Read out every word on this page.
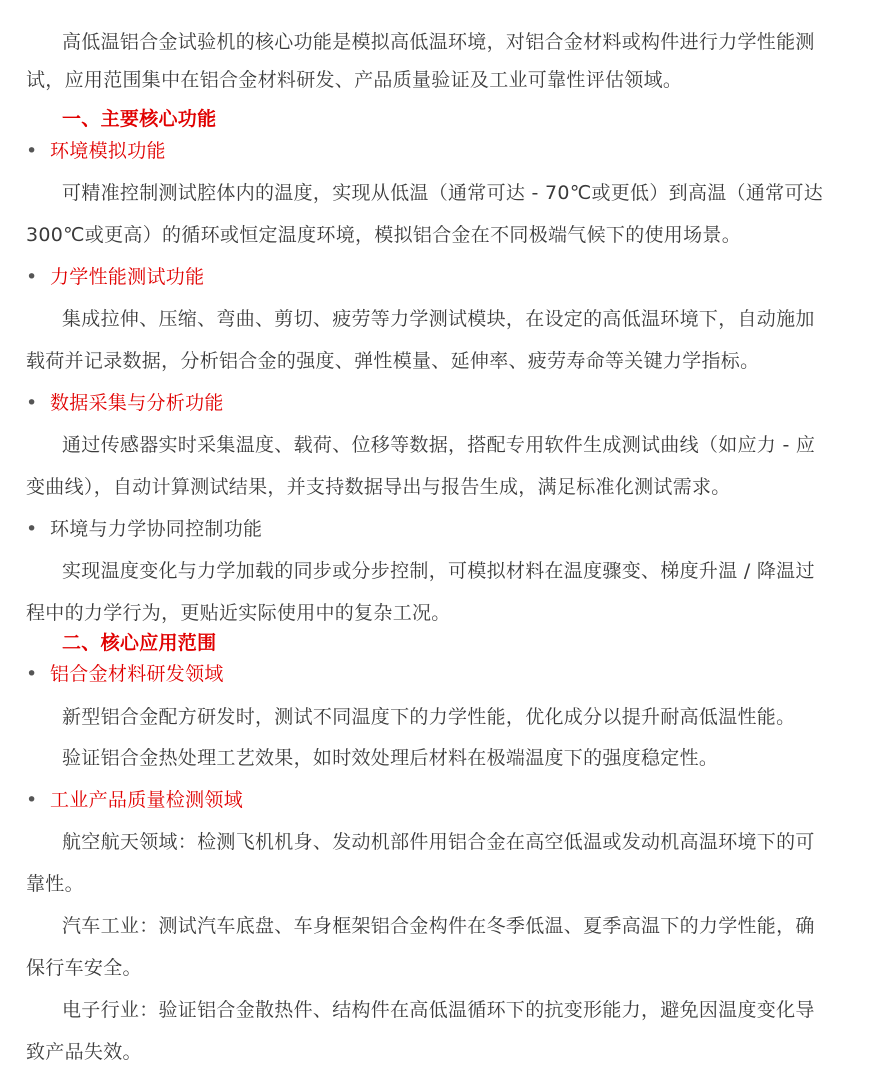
高低温铝合金试验机的核心功能是模拟高低温环境，对铝合金材料或构件进行力学性能测
试，应用范围集中在铝合金材料研发、产品质量验证及工业可靠性评估领域。
一、主要核心功能
• 环境模拟功能
可精准控制测试腔体内的温度，实现从低温（通常可达 - 70℃或更低）到高温（通常可达
300℃或更高）的循环或恒定温度环境，模拟铝合金在不同极端气候下的使用场景。
• 力学性能测试功能
集成拉伸、压缩、弯曲、剪切、疲劳等力学测试模块，在设定的高低温环境下，自动施加
载荷并记录数据，分析铝合金的强度、弹性模量、延伸率、疲劳寿命等关键力学指标。
• 数据采集与分析功能
通过传感器实时采集温度、载荷、位移等数据，搭配专用软件生成测试曲线（如应力 - 应
变曲线），自动计算测试结果，并支持数据导出与报告生成，满足标准化测试需求。
• 环境与力学协同控制功能
实现温度变化与力学加载的同步或分步控制，可模拟材料在温度骤变、梯度升温 / 降温过
程中的力学行为，更贴近实际使用中的复杂工况。
二、核心应用范围
• 铝合金材料研发领域
新型铝合金配方研发时，测试不同温度下的力学性能，优化成分以提升耐高低温性能。
验证铝合金热处理工艺效果，如时效处理后材料在极端温度下的强度稳定性。
• 工业产品质量检测领域
航空航天领域：检测飞机机身、发动机部件用铝合金在高空低温或发动机高温环境下的可
靠性。
汽车工业：测试汽车底盘、车身框架铝合金构件在冬季低温、夏季高温下的力学性能，确
保行车安全。
电子行业：验证铝合金散热件、结构件在高低温循环下的抗变形能力，避免因温度变化导
致产品失效。
